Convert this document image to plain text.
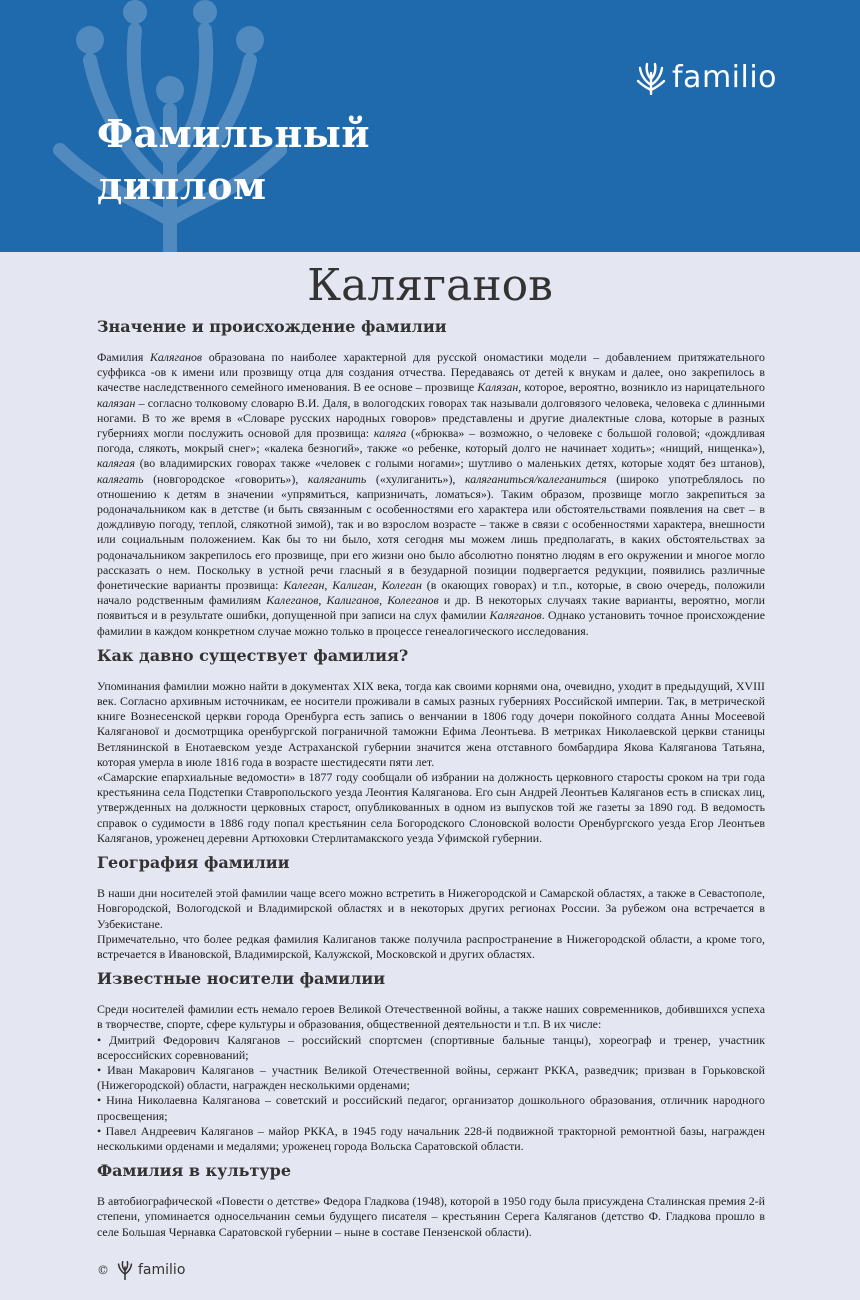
Фамильный
диплом
familio
Каляганов
Значение и происхождение фамилии

Фамилия Каляганов образована по наиболее характерной для русской ономастики модели – добавлением притяжательного суффикса -ов к имени или прозвищу отца для создания отчества. Передаваясь от детей к внукам и далее, оно закрепилось в качестве наследственного семейного именования. В ее основе – прозвище Калязан, которое, вероятно, возникло из нарицательного калязан – согласно толковому словарю В.И. Даля, в вологодских говорах так называли долговязого человека, человека с длинными ногами. В то же время в «Словаре русских народных говоров» представлены и другие диалектные слова, которые в разных губерниях могли послужить основой для прозвища: каляга («брюква» – возможно, о человеке с большой головой; «дождливая погода, слякоть, мокрый снег»; «калека безногий», также «о ребенке, который долго не начинает ходить»; «нищий, нищенка»), калягая (во владимирских говорах также «человек с голыми ногами»; шутливо о маленьких детях, которые ходят без штанов), калягать (новгородское «говорить»), каляганить («хулиганить»), каляганиться/калеганиться (широко употреблялось по отношению к детям в значении «упрямиться, капризничать, ломаться»). Таким образом, прозвище могло закрепиться за родоначальником как в детстве (и быть связанным с особенностями его характера или обстоятельствами появления на свет – в дождливую погоду, теплой, слякотной зимой), так и во взрослом возрасте – также в связи с особенностями характера, внешности или социальным положением. Как бы то ни было, хотя сегодня мы можем лишь предполагать, в каких обстоятельствах за родоначальником закрепилось его прозвище, при его жизни оно было абсолютно понятно людям в его окружении и многое могло рассказать о нем. Поскольку в устной речи гласный я в безударной позиции подвергается редукции, появились различные фонетические варианты прозвища: Калеган, Калиган, Колеган (в окающих говорах) и т.п., которые, в свою очередь, положили начало родственным фамилиям Калеганов, Калиганов, Колеганов и др. В некоторых случаях такие варианты, вероятно, могли появиться и в результате ошибки, допущенной при записи на слух фамилии Каляганов. Однако установить точное происхождение фамилии в каждом конкретном случае можно только в процессе генеалогического исследования.

Как давно существует фамилия?

Упоминания фамилии можно найти в документах XIX века, тогда как своими корнями она, очевидно, уходит в предыдущий, XVIII век. Согласно архивным источникам, ее носители проживали в самых разных губерниях Российской империи. Так, в метрической книге Вознесенской церкви города Оренбурга есть запись о венчании в 1806 году дочери покойного солдата Анны Мосеевой Каляганової и досмотрщика оренбургской пограничной таможни Ефима Леонтьева. В метриках Николаевской церкви станицы Ветлянинской в Енотаевском уезде Астраханской губернии значится жена отставного бомбардира Якова Каляганова Татьяна, которая умерла в июле 1816 года в возрасте шестидесяти пяти лет.

«Самарские епархиальные ведомости» в 1877 году сообщали об избрании на должность церковного старосты сроком на три года крестьянина села Подстепки Ставропольского уезда Леонтия Каляганова. Его сын Андрей Леонтьев Каляганов есть в списках лиц, утвержденных на должности церковных старост, опубликованных в одном из выпусков той же газеты за 1890 год. В ведомость справок о судимости в 1886 году попал крестьянин села Богородского Слоновской волости Оренбургского уезда Егор Леонтьев Каляганов, уроженец деревни Артюховки Стерлитамакского уезда Уфимской губернии.

География фамилии

В наши дни носителей этой фамилии чаще всего можно встретить в Нижегородской и Самарской областях, а также в Севастополе, Новгородской, Вологодской и Владимирской областях и в некоторых других регионах России. За рубежом она встречается в Узбекистане.

Примечательно, что более редкая фамилия Калиганов также получила распространение в Нижегородской области, а кроме того, встречается в Ивановской, Владимирской, Калужской, Московской и других областях.

Известные носители фамилии

Среди носителей фамилии есть немало героев Великой Отечественной войны, а также наших современников, добившихся успеха в творчестве, спорте, сфере культуры и образования, общественной деятельности и т.п. В их числе:

• Дмитрий Федорович Каляганов – российский спортсмен (спортивные бальные танцы), хореограф и тренер, участник всероссийских соревнований;

• Иван Макарович Каляганов – участник Великой Отечественной войны, сержант РККА, разведчик; призван в Горьковской (Нижегородской) области, награжден несколькими орденами;

• Нина Николаевна Каляганова – советский и российский педагог, организатор дошкольного образования, отличник народного просвещения;

• Павел Андреевич Каляганов – майор РККА, в 1945 году начальник 228-й подвижной тракторной ремонтной базы, награжден несколькими орденами и медалями; уроженец города Вольска Саратовской области.

Фамилия в культуре

В автобиографической «Повести о детстве» Федора Гладкова (1948), которой в 1950 году была присуждена Сталинская премия 2-й степени, упоминается односельчанин семьи будущего писателя – крестьянин Серега Каляганов (детство Ф. Гладкова прошло в селе Большая Чернавка Саратовской губернии – ныне в составе Пензенской области).

© familio
